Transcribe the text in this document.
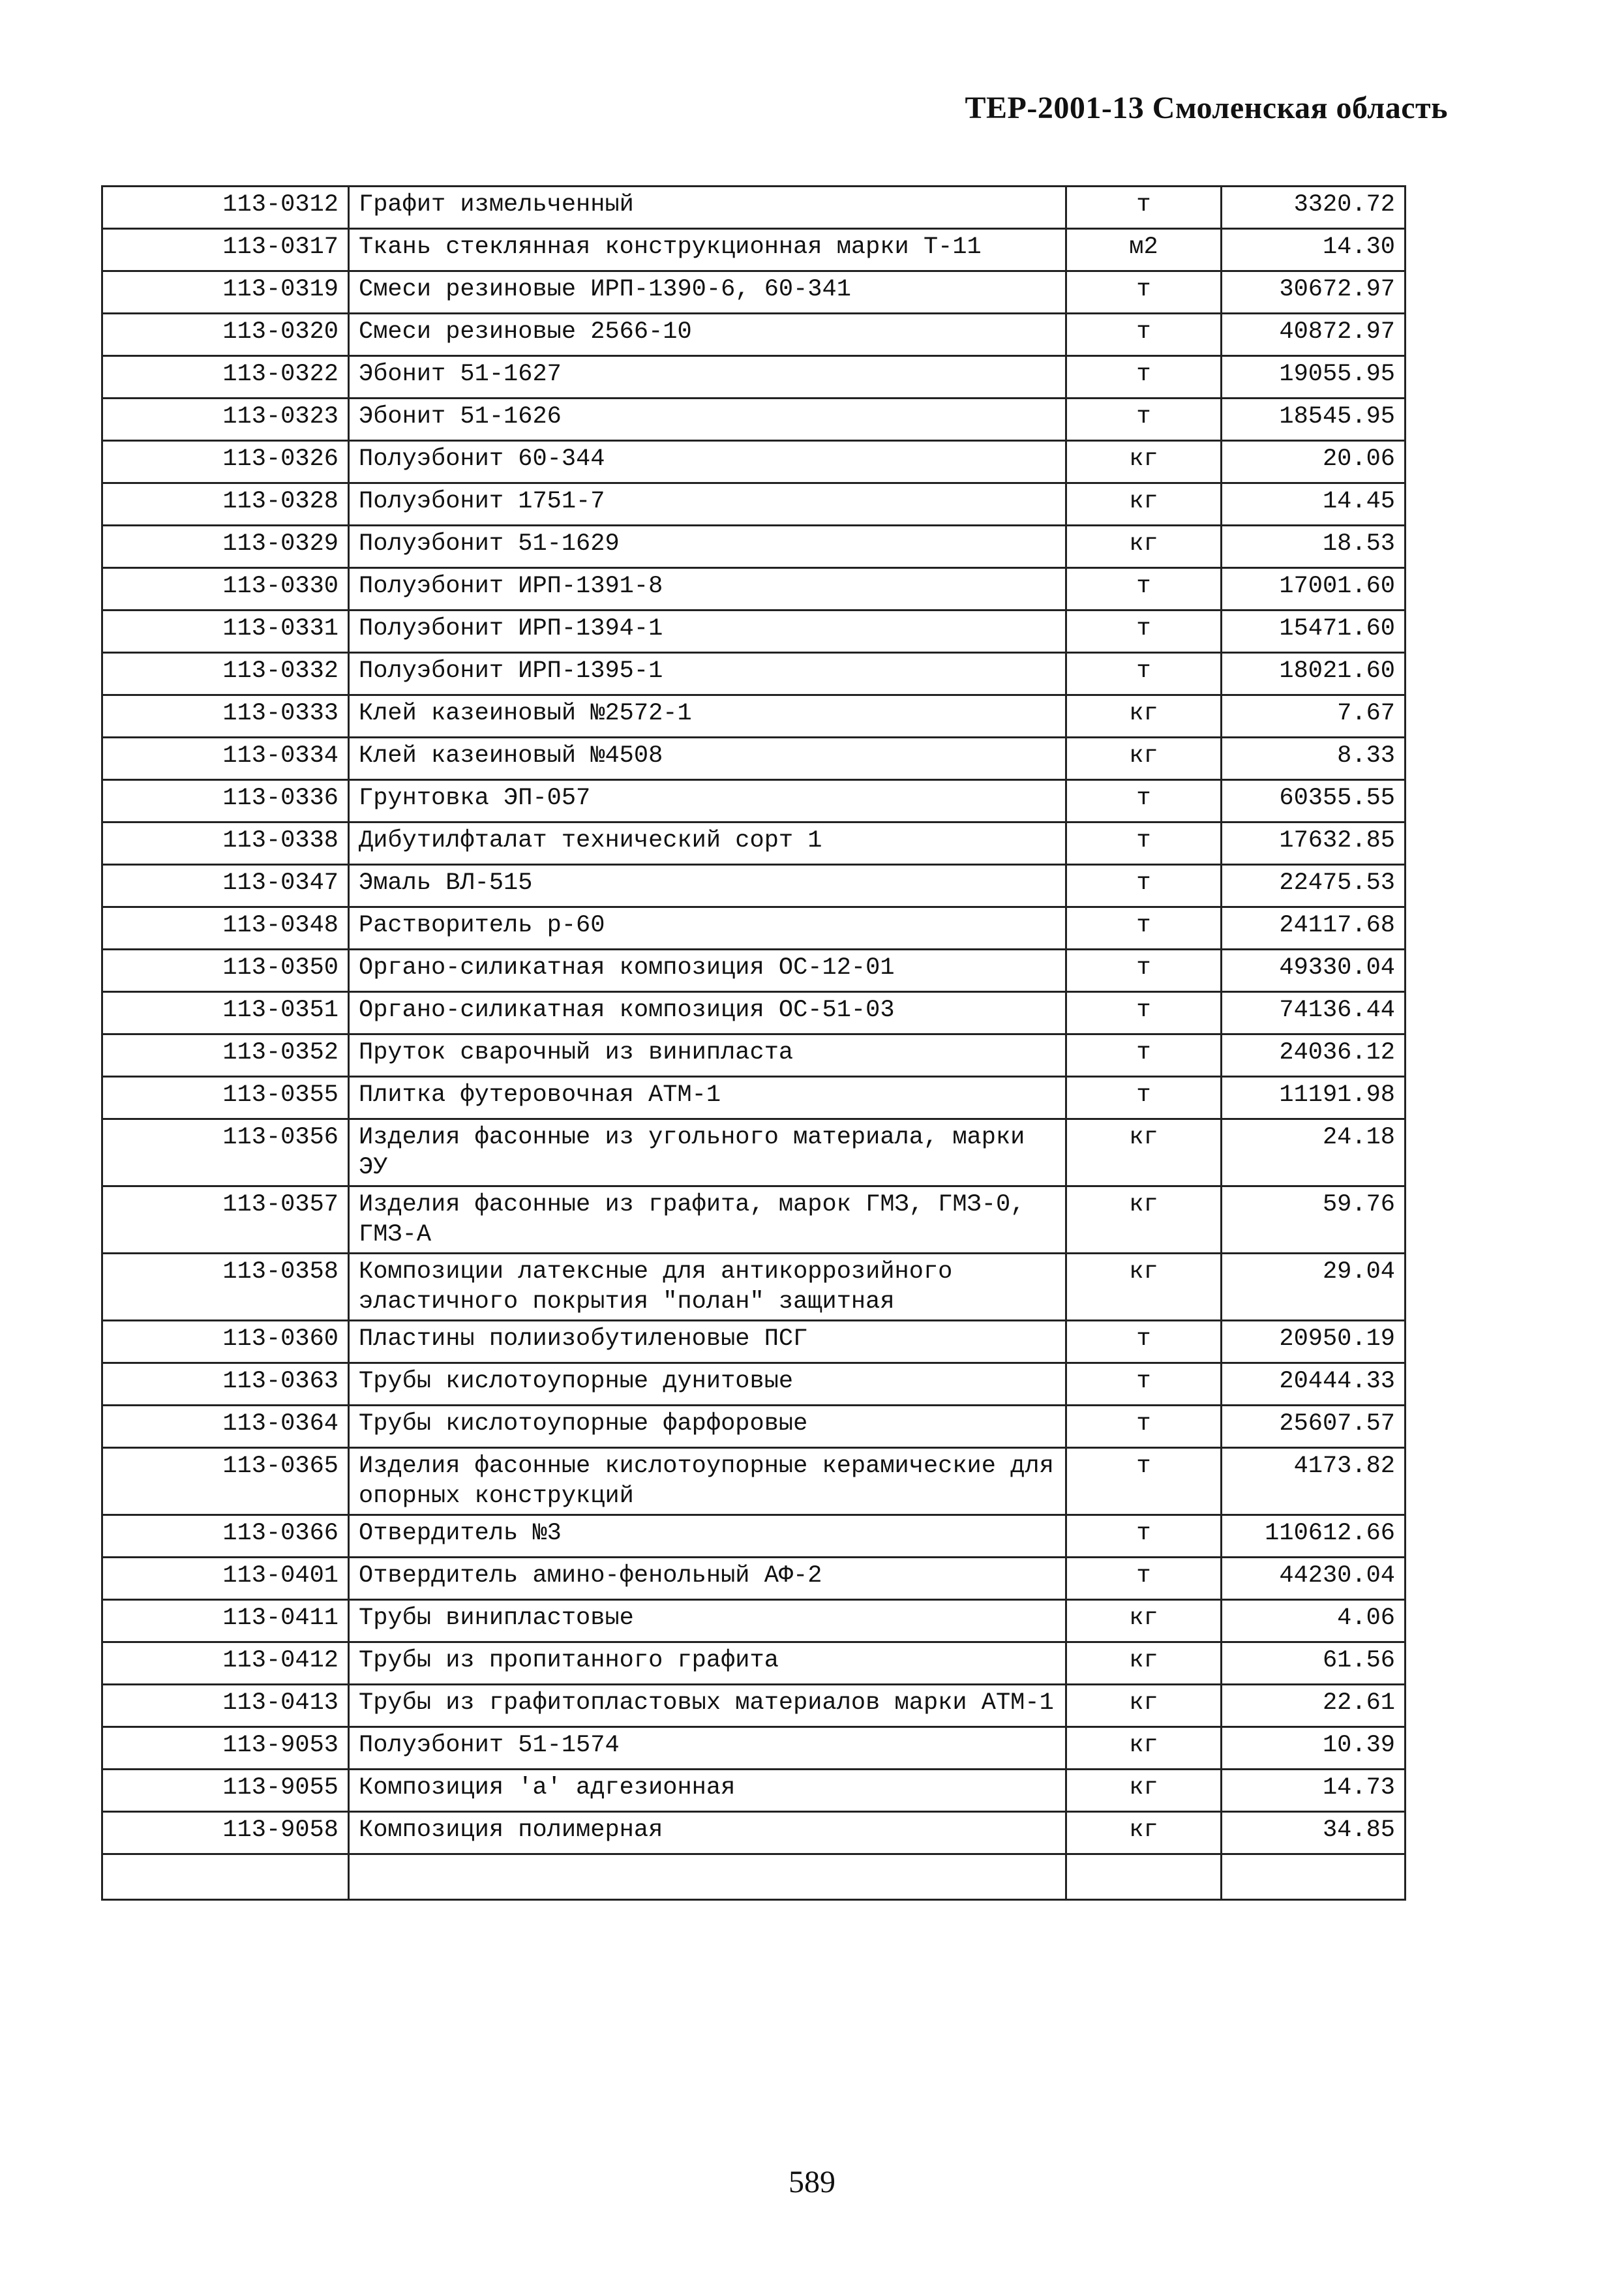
ТЕР-2001-13 Смоленская область
113-0312	Графит измельченный	т	3320.72
113-0317	Ткань стеклянная конструкционная марки Т-11	м2	14.30
113-0319	Смеси резиновые ИРП-1390-6, 60-341	т	30672.97
113-0320	Смеси резиновые 2566-10	т	40872.97
113-0322	Эбонит 51-1627	т	19055.95
113-0323	Эбонит 51-1626	т	18545.95
113-0326	Полуэбонит 60-344	кг	20.06
113-0328	Полуэбонит 1751-7	кг	14.45
113-0329	Полуэбонит 51-1629	кг	18.53
113-0330	Полуэбонит ИРП-1391-8	т	17001.60
113-0331	Полуэбонит ИРП-1394-1	т	15471.60
113-0332	Полуэбонит ИРП-1395-1	т	18021.60
113-0333	Клей казеиновый №2572-1	кг	7.67
113-0334	Клей казеиновый №4508	кг	8.33
113-0336	Грунтовка ЭП-057	т	60355.55
113-0338	Дибутилфталат технический сорт 1	т	17632.85
113-0347	Эмаль ВЛ-515	т	22475.53
113-0348	Растворитель р-60	т	24117.68
113-0350	Органо-силикатная композиция ОС-12-01	т	49330.04
113-0351	Органо-силикатная композиция ОС-51-03	т	74136.44
113-0352	Пруток сварочный из винипласта	т	24036.12
113-0355	Плитка футеровочная АТМ-1	т	11191.98
113-0356	Изделия фасонные из угольного материала, марки ЭУ	кг	24.18
113-0357	Изделия фасонные из графита, марок ГМЗ, ГМЗ-0, ГМЗ-А	кг	59.76
113-0358	Композиции латексные для антикоррозийного эластичного покрытия "полан" защитная	кг	29.04
113-0360	Пластины полиизобутиленовые ПСГ	т	20950.19
113-0363	Трубы кислотоупорные дунитовые	т	20444.33
113-0364	Трубы кислотоупорные фарфоровые	т	25607.57
113-0365	Изделия фасонные кислотоупорные керамические для опорных конструкций	т	4173.82
113-0366	Отвердитель №3	т	110612.66
113-0401	Отвердитель амино-фенольный АФ-2	т	44230.04
113-0411	Трубы винипластовые	кг	4.06
113-0412	Трубы из пропитанного графита	кг	61.56
113-0413	Трубы из графитопластовых материалов марки АТМ-1	кг	22.61
113-9053	Полуэбонит 51-1574	кг	10.39
113-9055	Композиция 'а' адгезионная	кг	14.73
113-9058	Композиция полимерная	кг	34.85

589
